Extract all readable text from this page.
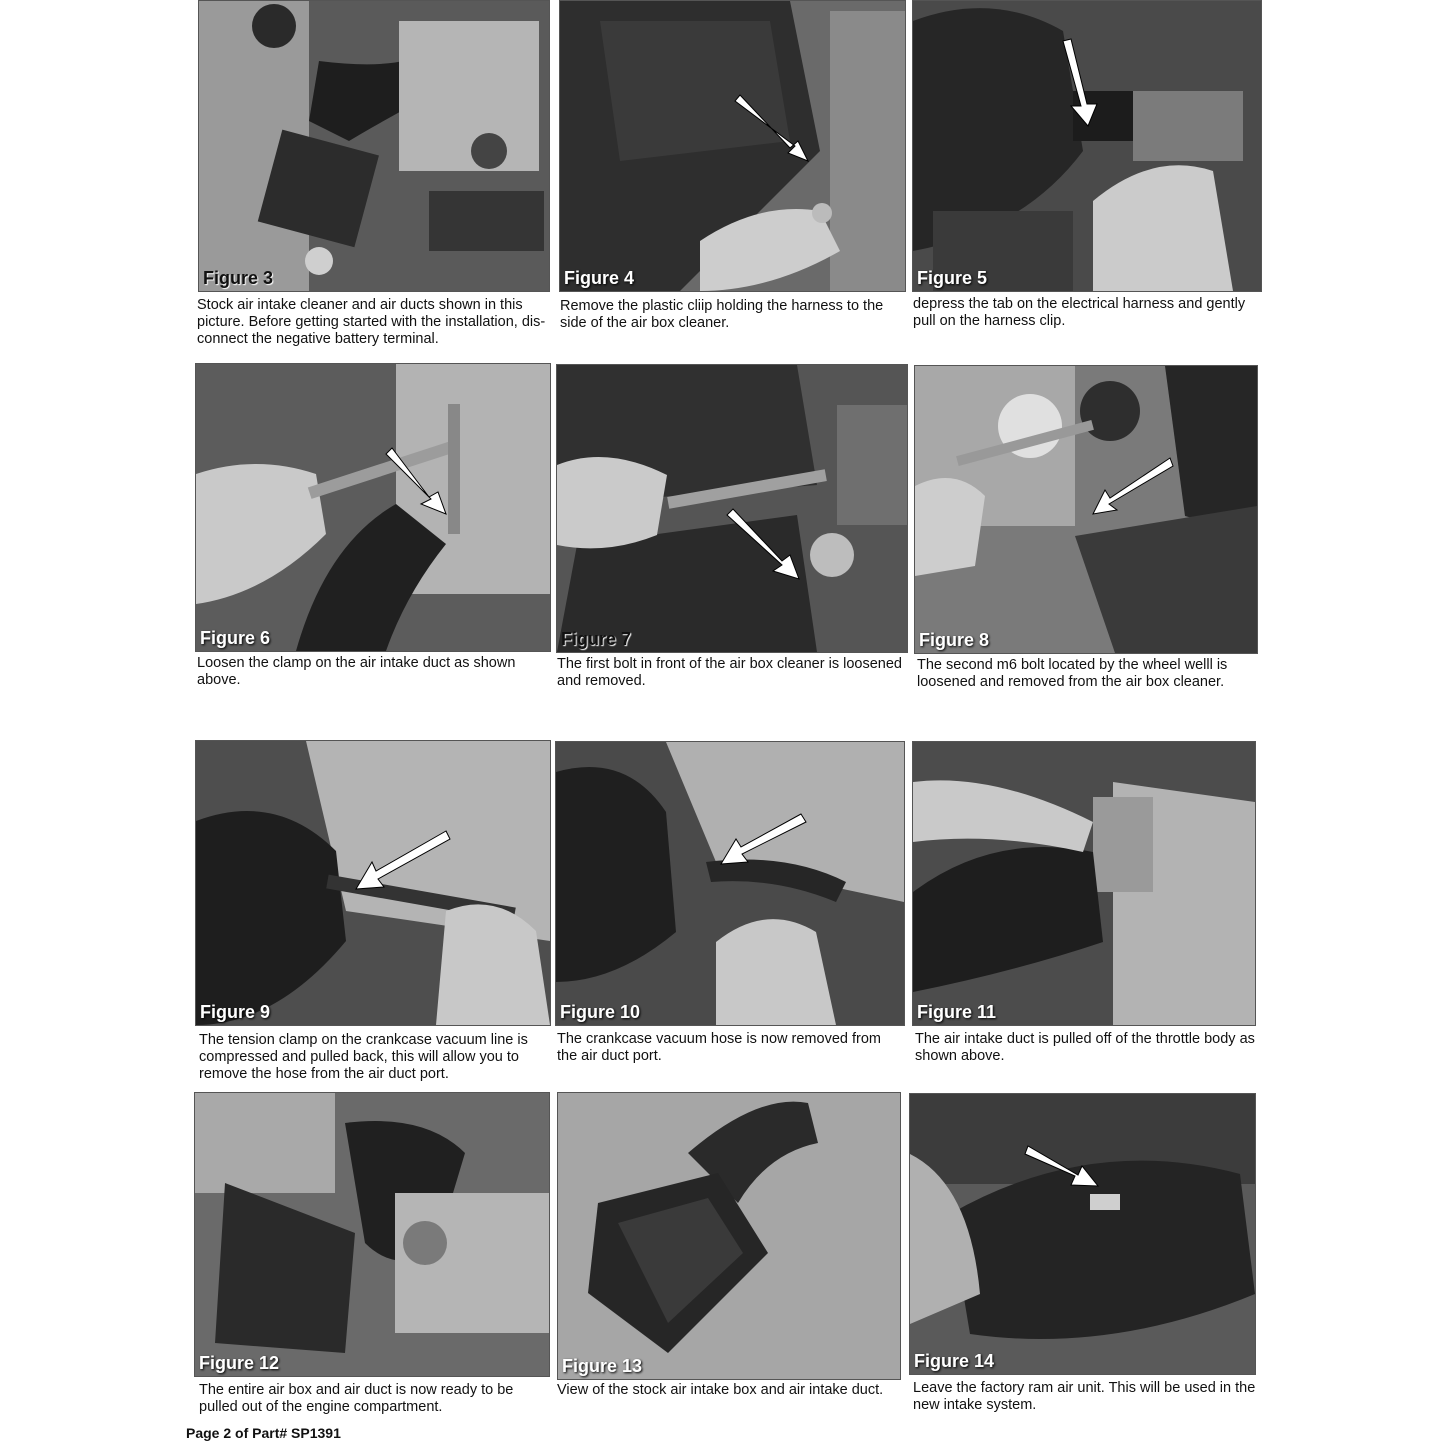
Figure 3
Stock air intake cleaner and air ducts shown in this picture. Before getting started with the installation, dis-connect the negative battery terminal.
Figure 4
Remove the plastic cliip holding the harness to the side of the air box cleaner.
Figure 5
depress the tab on the electrical harness and gently pull on the harness clip.
Figure 6
Loosen the clamp on the air intake duct as shown above.
Figure 7
The first bolt in front of the air box cleaner is loosened and removed.
Figure 8
The second m6 bolt located by the wheel welll is loosened and removed from the air box cleaner.
Figure 9
The tension clamp on the crankcase vacuum line is compressed and pulled back, this will allow you to remove the hose from the air duct port.
Figure 10
The crankcase vacuum hose is now removed from the air duct port.
Figure 11
The air intake duct is pulled off of the throttle body as shown above.
Figure 12
The entire air box and air duct is now ready to be pulled out of the engine compartment.
Figure 13
View of the stock air intake box and air intake duct.
Figure 14
Leave the factory ram air unit. This will be used in the new intake system.
Page 2 of Part# SP1391
